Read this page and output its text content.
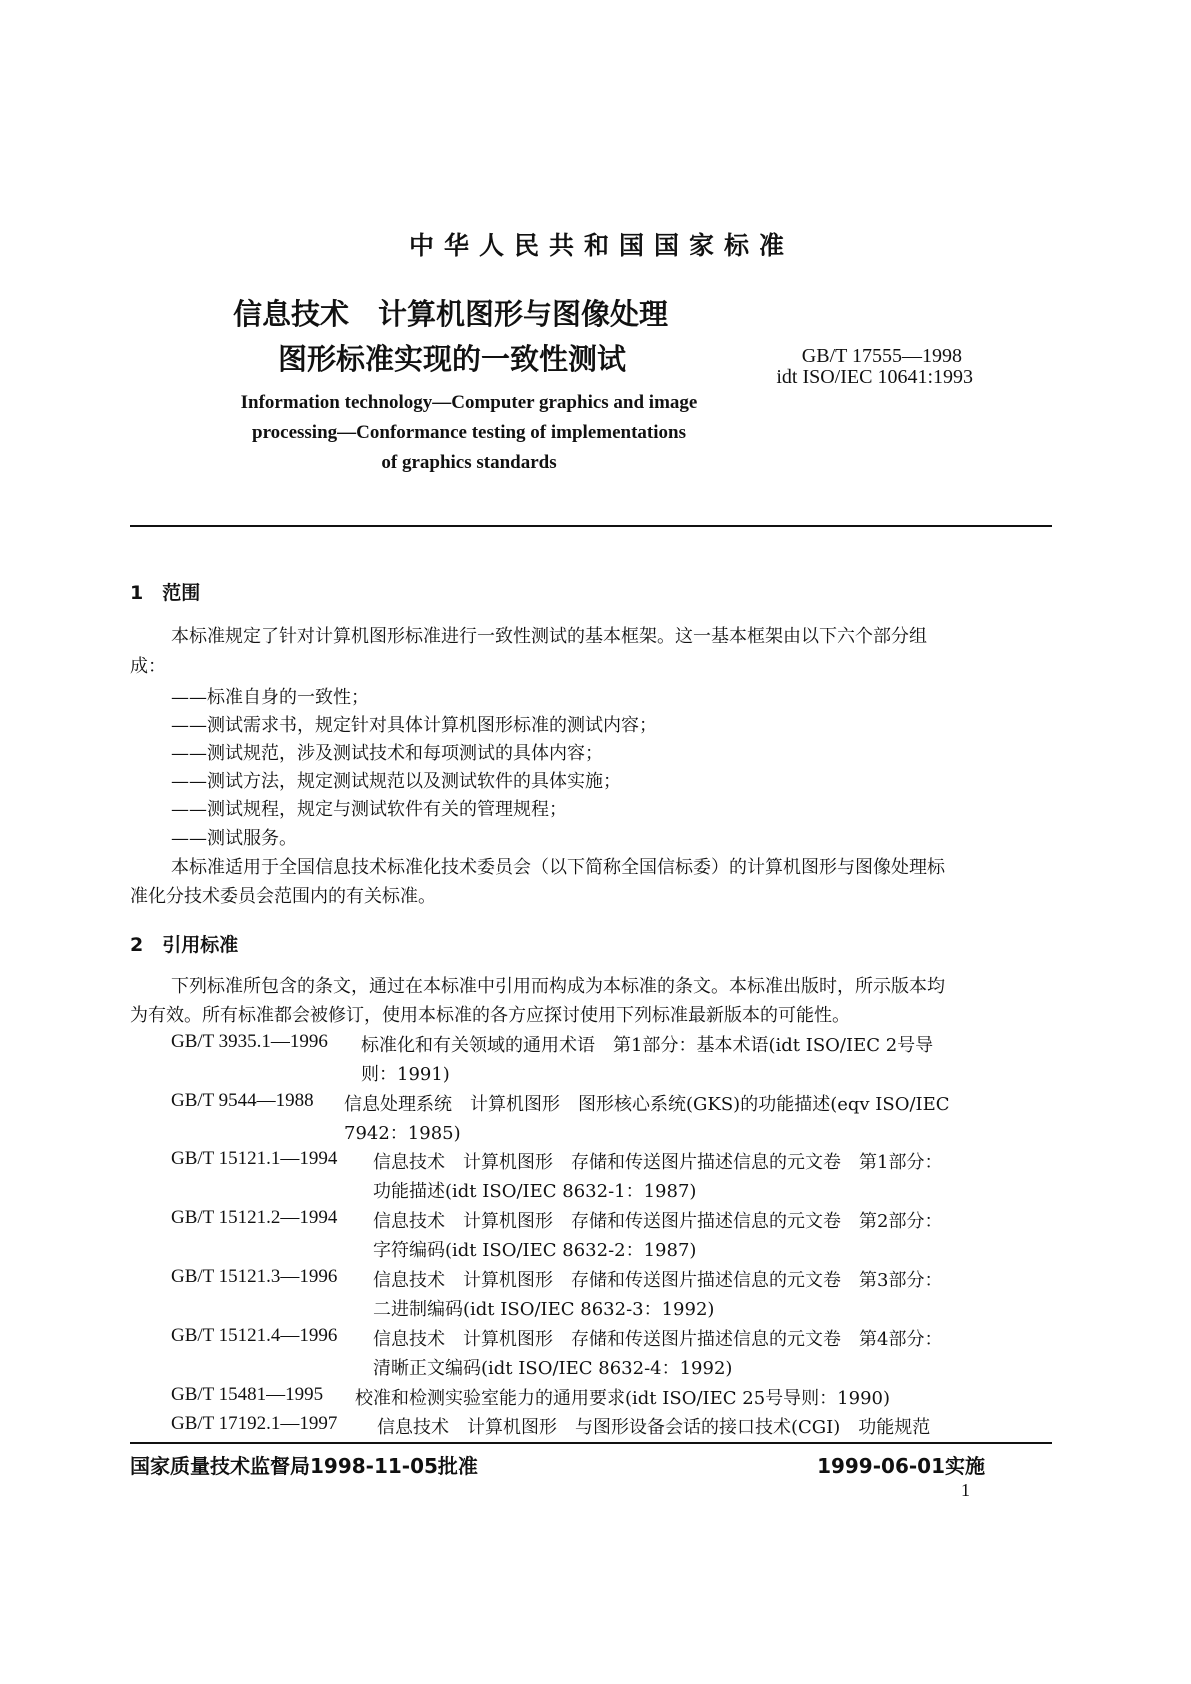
中华人民共和国国家标准
信息技术　计算机图形与图像处理
图形标准实现的一致性测试	GB/T 17555—1998
idt ISO/IEC 10641:1993
Information technology—Computer graphics and image
processing—Conformance testing of implementations
of graphics standards
1　范围
本标准规定了针对计算机图形标准进行一致性测试的基本框架。这一基本框架由以下六个部分组
成：
——标准自身的一致性；
——测试需求书，规定针对具体计算机图形标准的测试内容；
——测试规范，涉及测试技术和每项测试的具体内容；
——测试方法，规定测试规范以及测试软件的具体实施；
——测试规程，规定与测试软件有关的管理规程；
——测试服务。
本标准适用于全国信息技术标准化技术委员会（以下简称全国信标委）的计算机图形与图像处理标
准化分技术委员会范围内的有关标准。
2　引用标准
下列标准所包含的条文，通过在本标准中引用而构成为本标准的条文。本标准出版时，所示版本均
为有效。所有标准都会被修订，使用本标准的各方应探讨使用下列标准最新版本的可能性。
GB/T 3935.1—1996 标准化和有关领域的通用术语　第1部分：基本术语(idt ISO/IEC 2号导
则：1991)
GB/T 9544—1988 信息处理系统　计算机图形　图形核心系统(GKS)的功能描述(eqv ISO/IEC
7942：1985)
GB/T 15121.1—1994 信息技术　计算机图形　存储和传送图片描述信息的元文卷　第1部分：
功能描述(idt ISO/IEC 8632-1：1987)
GB/T 15121.2—1994 信息技术　计算机图形　存储和传送图片描述信息的元文卷　第2部分：
字符编码(idt ISO/IEC 8632-2：1987)
GB/T 15121.3—1996 信息技术　计算机图形　存储和传送图片描述信息的元文卷　第3部分：
二进制编码(idt ISO/IEC 8632-3：1992)
GB/T 15121.4—1996 信息技术　计算机图形　存储和传送图片描述信息的元文卷　第4部分：
清晰正文编码(idt ISO/IEC 8632-4：1992)
GB/T 15481—1995 校准和检测实验室能力的通用要求(idt ISO/IEC 25号导则：1990)
GB/T 17192.1—1997 信息技术　计算机图形　与图形设备会话的接口技术(CGI)　功能规范
国家质量技术监督局1998-11-05批准	1999-06-01实施
1
